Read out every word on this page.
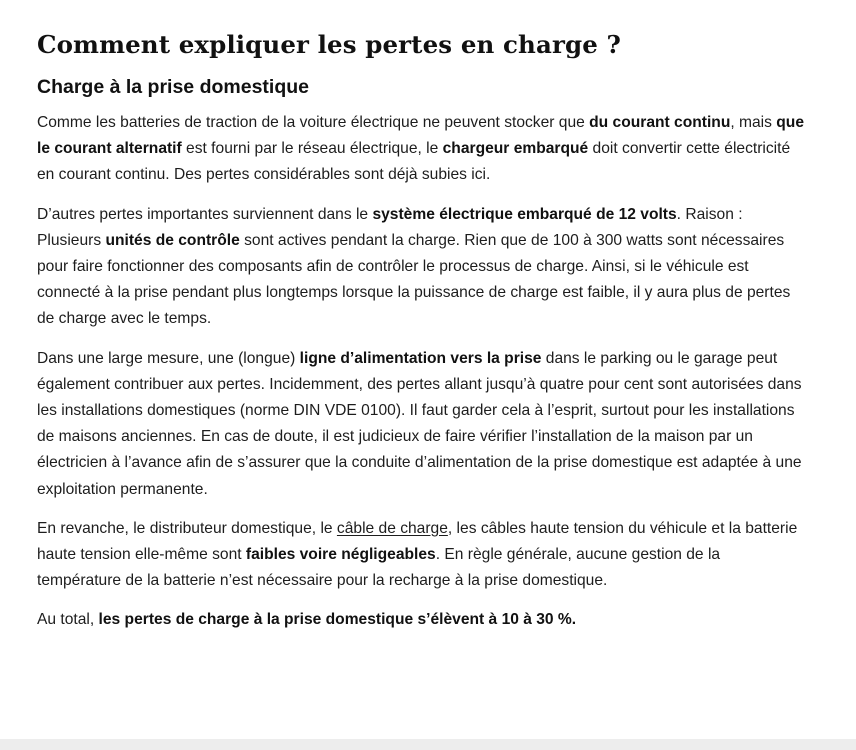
Comment expliquer les pertes en charge ?
Charge à la prise domestique

Comme les batteries de traction de la voiture électrique ne peuvent stocker que du courant continu, mais que le courant alternatif est fourni par le réseau électrique, le chargeur embarqué doit convertir cette électricité en courant continu. Des pertes considérables sont déjà subies ici.

D’autres pertes importantes surviennent dans le système électrique embarqué de 12 volts. Raison : Plusieurs unités de contrôle sont actives pendant la charge. Rien que de 100 à 300 watts sont nécessaires pour faire fonctionner des composants afin de contrôler le processus de charge. Ainsi, si le véhicule est connecté à la prise pendant plus longtemps lorsque la puissance de charge est faible, il y aura plus de pertes de charge avec le temps.

Dans une large mesure, une (longue) ligne d’alimentation vers la prise dans le parking ou le garage peut également contribuer aux pertes. Incidemment, des pertes allant jusqu’à quatre pour cent sont autorisées dans les installations domestiques (norme DIN VDE 0100). Il faut garder cela à l’esprit, surtout pour les installations de maisons anciennes. En cas de doute, il est judicieux de faire vérifier l’installation de la maison par un électricien à l’avance afin de s’assurer que la conduite d’alimentation de la prise domestique est adaptée à une exploitation permanente.

En revanche, le distributeur domestique, le câble de charge, les câbles haute tension du véhicule et la batterie haute tension elle-même sont faibles voire négligeables. En règle générale, aucune gestion de la température de la batterie n’est nécessaire pour la recharge à la prise domestique.

Au total, les pertes de charge à la prise domestique s’élèvent à 10 à 30 %.
